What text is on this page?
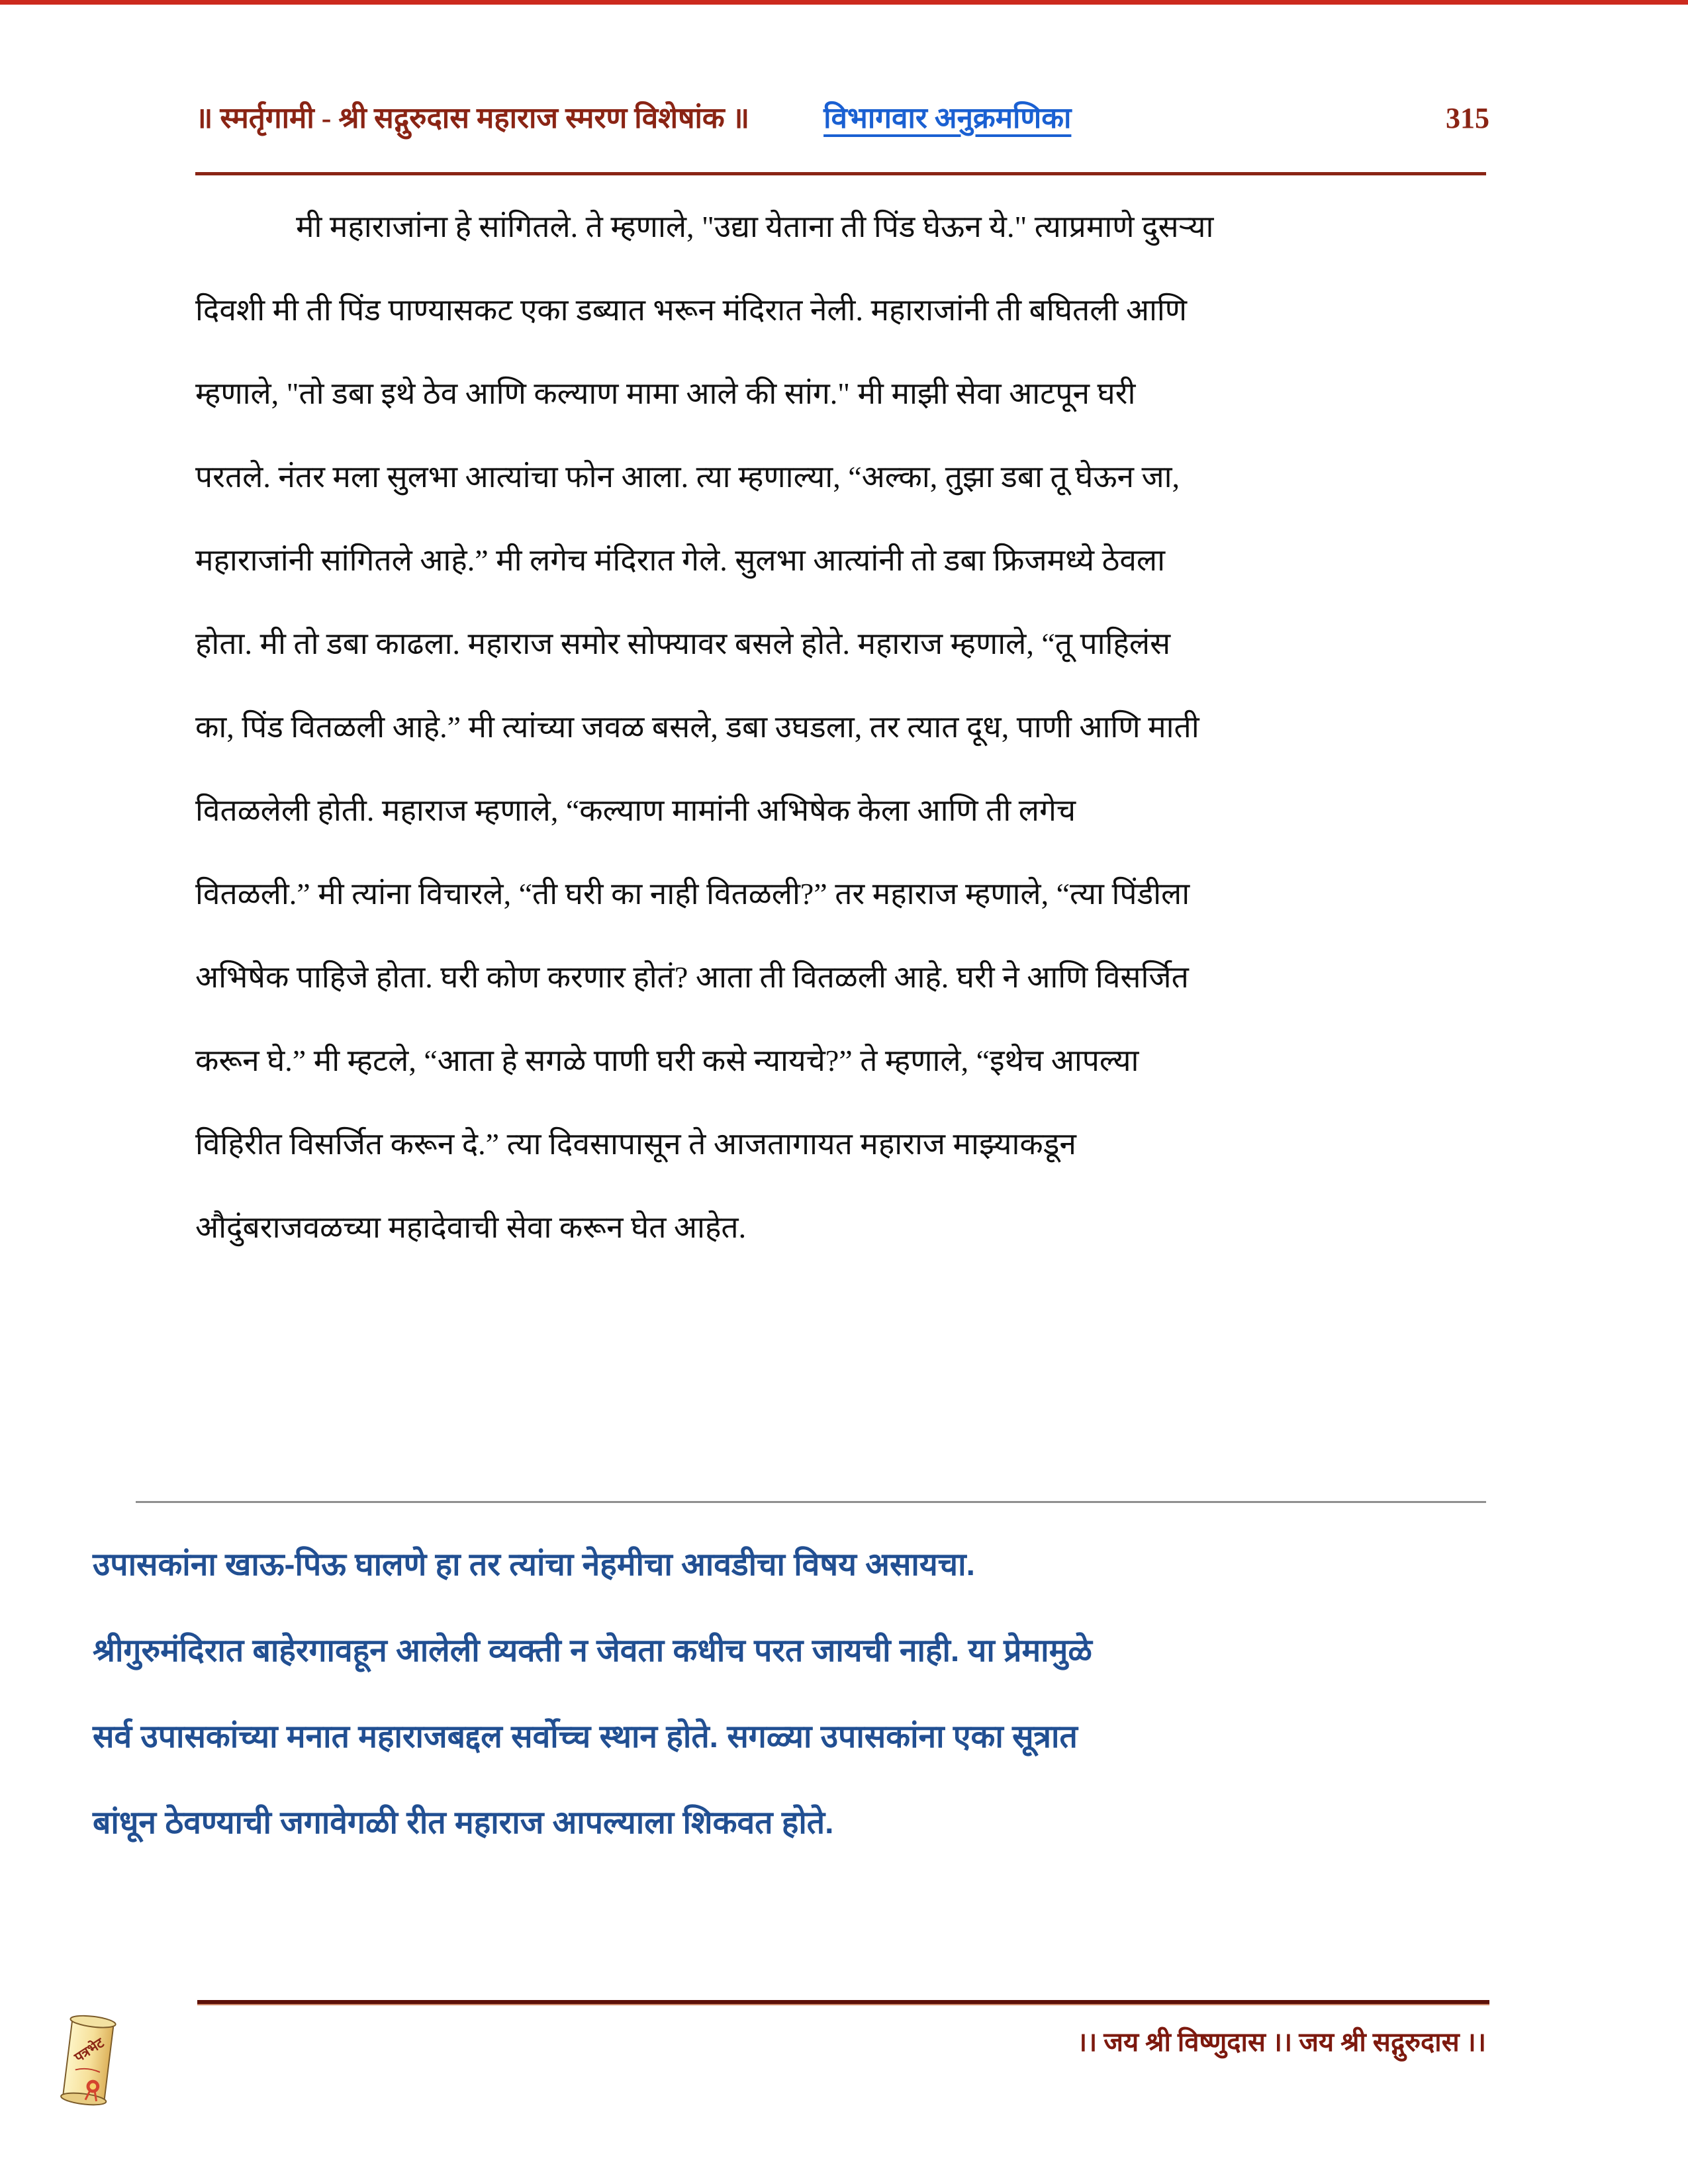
॥ स्मर्तृगामी - श्री सद्गुरुदास महाराज स्मरण विशेषांक ॥	विभागवार अनुक्रमणिका	315
मी महाराजांना हे सांगितले. ते म्हणाले, "उद्या येताना ती पिंड घेऊन ये." त्याप्रमाणे दुसऱ्या
दिवशी मी ती पिंड पाण्यासकट एका डब्यात भरून मंदिरात नेली. महाराजांनी ती बघितली आणि
म्हणाले, "तो डबा इथे ठेव आणि कल्याण मामा आले की सांग." मी माझी सेवा आटपून घरी
परतले. नंतर मला सुलभा आत्यांचा फोन आला. त्या म्हणाल्या, “अल्का, तुझा डबा तू घेऊन जा,
महाराजांनी सांगितले आहे.” मी लगेच मंदिरात गेले. सुलभा आत्यांनी तो डबा फ्रिजमध्ये ठेवला
होता. मी तो डबा काढला. महाराज समोर सोफ्यावर बसले होते. महाराज म्हणाले, “तू पाहिलंस
का, पिंड वितळली आहे.” मी त्यांच्या जवळ बसले, डबा उघडला, तर त्यात दूध, पाणी आणि माती
वितळलेली होती. महाराज म्हणाले, “कल्याण मामांनी अभिषेक केला आणि ती लगेच
वितळली.” मी त्यांना विचारले, “ती घरी का नाही वितळली?” तर महाराज म्हणाले, “त्या पिंडीला
अभिषेक पाहिजे होता. घरी कोण करणार होतं? आता ती वितळली आहे. घरी ने आणि विसर्जित
करून घे.” मी म्हटले, “आता हे सगळे पाणी घरी कसे न्यायचे?” ते म्हणाले, “इथेच आपल्या
विहिरीत विसर्जित करून दे.” त्या दिवसापासून ते आजतागायत महाराज माझ्याकडून
औदुंबराजवळच्या महादेवाची सेवा करून घेत आहेत.
उपासकांना खाऊ-पिऊ घालणे हा तर त्यांचा नेहमीचा आवडीचा विषय असायचा.
श्रीगुरुमंदिरात बाहेरगावहून आलेली व्यक्ती न जेवता कधीच परत जायची नाही. या प्रेमामुळे
सर्व उपासकांच्या मनात महाराजबद्दल सर्वोच्च स्थान होते. सगळ्या उपासकांना एका सूत्रात
बांधून ठेवण्याची जगावेगळी रीत महाराज आपल्याला शिकवत होते.
।। जय श्री विष्णुदास ।। जय श्री सद्गुरुदास ।।
पत्रभेट
